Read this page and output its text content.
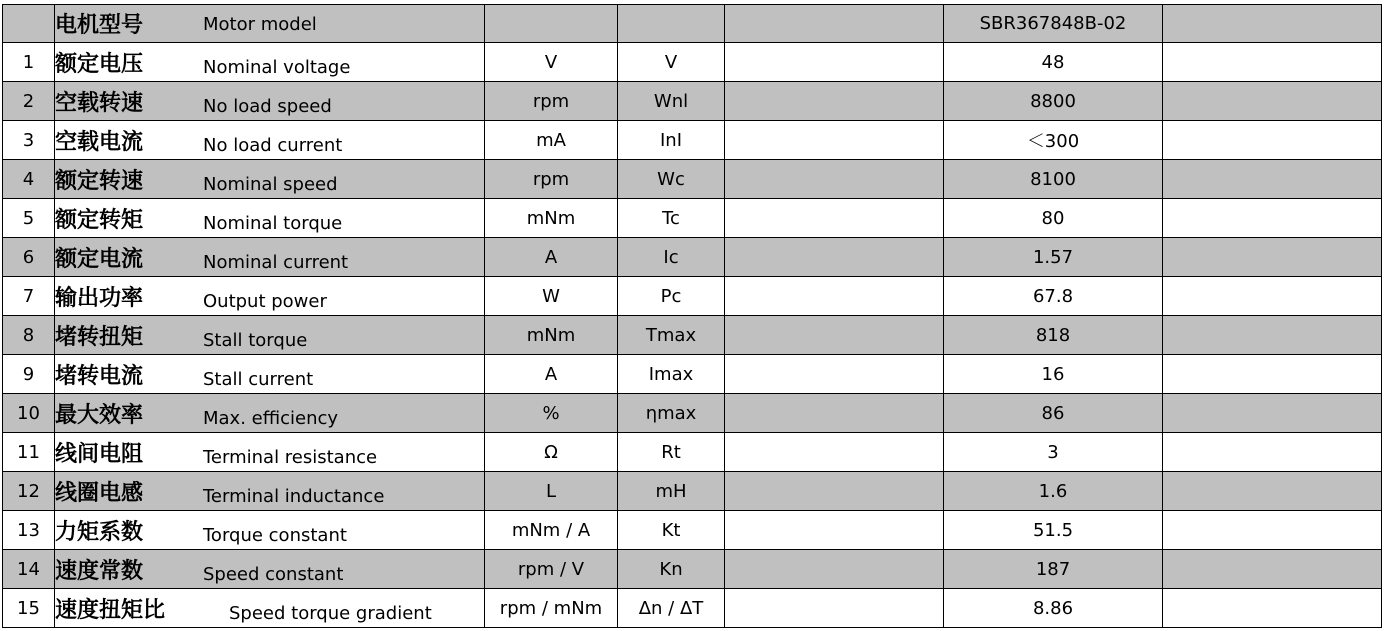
	电机型号 Motor model				SBR367848B-02	
1	额定电压 Nominal voltage	V	V		48	
2	空载转速 No load speed	rpm	Wnl		8800	
3	空载电流 No load current	mA	InI		＜300	
4	额定转速 Nominal speed	rpm	Wc		8100	
5	额定转矩 Nominal torque	mNm	Tc		80	
6	额定电流 Nominal current	A	Ic		1.57	
7	输出功率 Output power	W	Pc		67.8	
8	堵转扭矩 Stall torque	mNm	Tmax		818	
9	堵转电流 Stall current	A	Imax		16	
10	最大效率 Max. efficiency	%	ηmax		86	
11	线间电阻 Terminal resistance	Ω	Rt		3	
12	线圈电感 Terminal inductance	L	mH		1.6	
13	力矩系数 Torque constant	mNm / A	Kt		51.5	
14	速度常数 Speed constant	rpm / V	Kn		187	
15	速度扭矩比 Speed torque gradient	rpm / mNm	Δn / ΔT		8.86	
